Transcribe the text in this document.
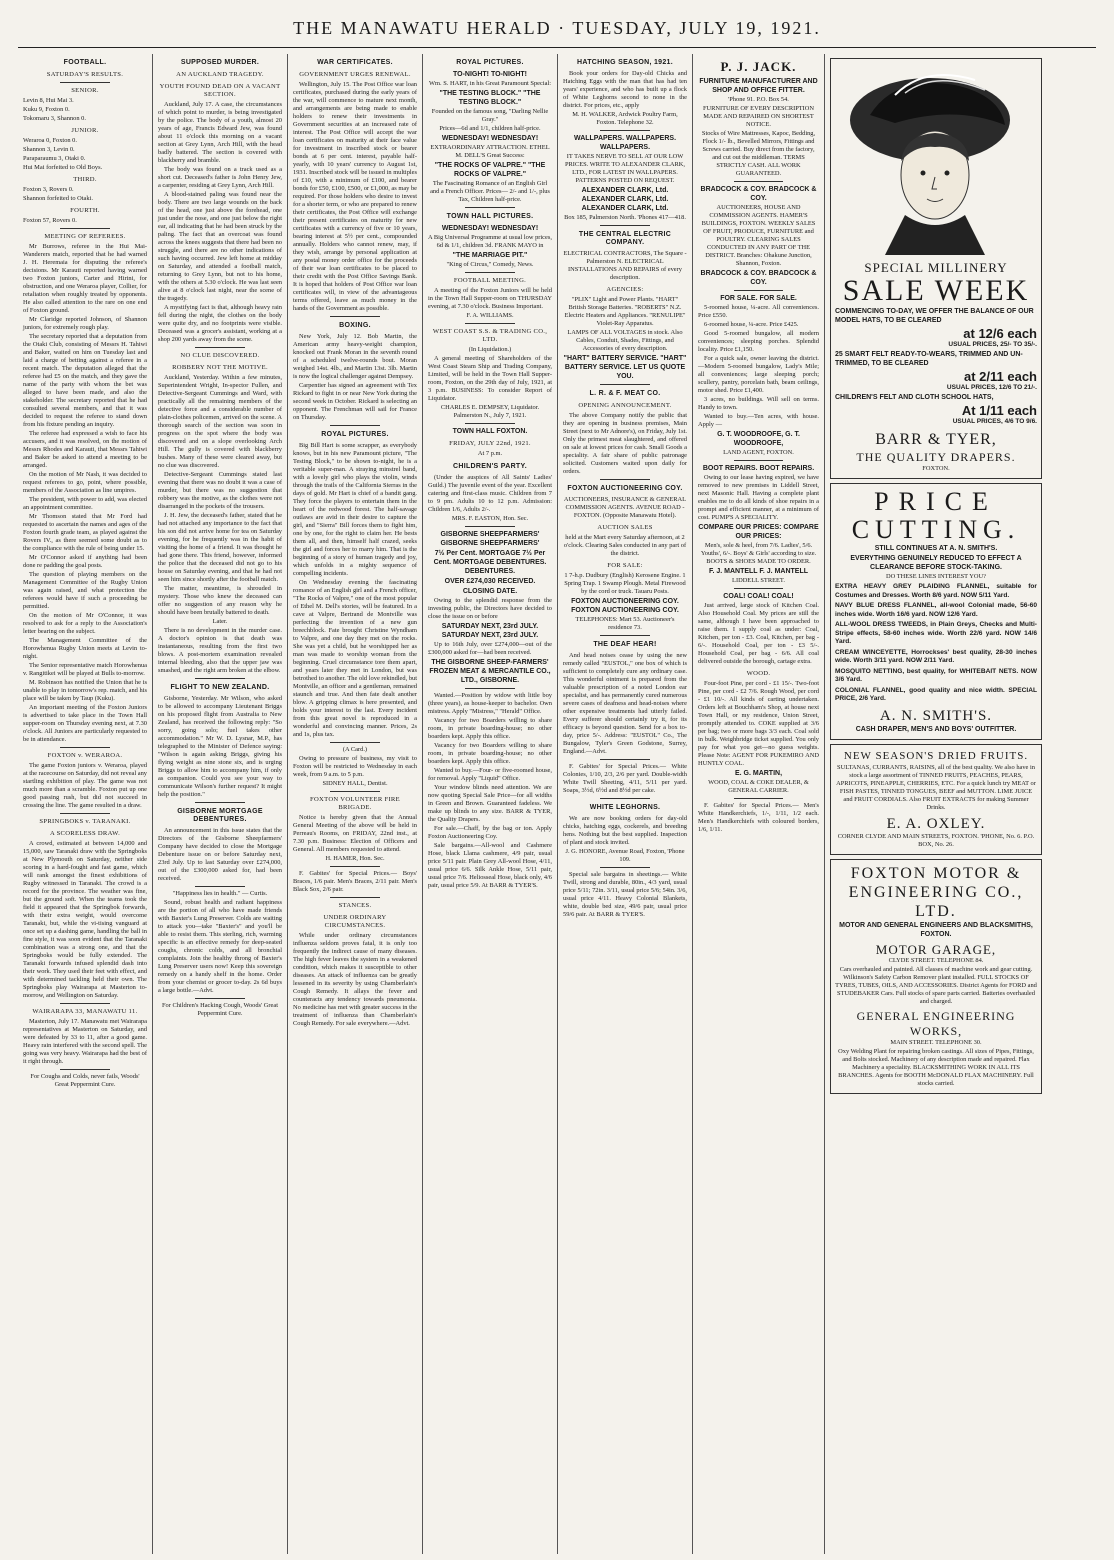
THE MANAWATU HERALD · TUESDAY, JULY 19, 1921.
FOOTBALL.
SATURDAY'S RESULTS.
SENIOR.

Levin 8, Hui Mai 3.

Kuku 9, Foxton 0.

Tokomaru 3, Shannon 0.

JUNIOR.

Weraroa 0, Foxton 0.

Shannon 3, Levin 0.

Paraparaumu 3, Otaki 0.

Hui Mai forfeited to Old Boys.

THIRD.

Foxton 3, Rovers 0.

Shannon forfeited to Otaki.

FOURTH.

Foxton 57, Rovers 0.

MEETING OF REFEREES.

Mr Burrows, referee in the Hui Mai-Wanderers match, reported that he had warned J. H. Heremaia for disputing the referee's decisions. Mr Karauti reported having warned two Foxton juniors, Carter and Hirini, for obstruction, and one Weraroa player, Collier, for retaliation when roughly treated by opponents. He also called attention to the rare on one end of Foxton ground.

Mr Claridge reported Johnson, of Shannon juniors, for extremely rough play.

The secretary reported that a deputation from the Otaki Club, consisting of Messrs H. Tahiwi and Baker, waited on him on Tuesday last and laid a charge of betting against a referee in a recent match. The deputation alleged that the referee had £5 on the match, and they gave the name of the party with whom the bet was alleged to have been made, and also the stakeholder. The secretary reported that he had consulted several members, and that it was decided to request the referee to stand down from his fixture pending an inquiry.

The referee had expressed a wish to face his accusers, and it was resolved, on the motion of Messrs Rhodes and Karauti, that Messrs Tahiwi and Baker be asked to attend a meeting to be arranged.

On the motion of Mr Nash, it was decided to request referees to go, point, where possible, members of the Association as line umpires.

The president, with power to add, was elected an appointment committee.

Mr Thomson stated that Mr Ford had requested to ascertain the names and ages of the Foxton fourth grade team, as played against the Rovers IV., as there seemed some doubt as to the compliance with the rule of being under 15.

Mr O'Connor asked if anything had been done re padding the goal posts.

The question of playing members on the Management Committee of the Rugby Union was again raised, and what protection the referees would have if such a proceeding be permitted.

On the motion of Mr O'Connor, it was resolved to ask for a reply to the Association's letter bearing on the subject.

The Management Committee of the Horowhenua Rugby Union meets at Levin to-night.

The Senior representative match Horowhenua v. Rangitikei will be played at Bulls to-morrow.

M. Robinson has notified the Union that he is unable to play in tomorrow's rep. match, and his place will be taken by Taup (Kuku).

An important meeting of the Foxton Juniors is advertised to take place in the Town Hall supper-room on Thursday evening next, at 7.30 o'clock. All Juniors are particularly requested to be in attendance.

FOXTON v. WERAROA.

The game Foxton juniors v. Weraroa, played at the racecourse on Saturday, did not reveal any startling exhibition of play. The game was not much more than a scramble. Foxton put up one good passing rush, but did not succeed in crossing the line. The game resulted in a draw.

SPRINGBOKS v. TARANAKI.
A SCORELESS DRAW.

A crowd, estimated at between 14,000 and 15,000, saw Taranaki draw with the Springboks at New Plymouth on Saturday, neither side scoring in a hard-fought and fast game, which will rank amongst the finest exhibitions of Rugby witnessed in Taranaki. The crowd is a record for the province. The weather was fine, but the ground soft. When the teams took the field it appeared that the Springbok forwards, with their extra weight, would overcome Taranaki, but, while the vi-tising vanguard at once set up a dashing game, handling the ball in fine style, it was soon evident that the Taranaki combination was a strong one, and that the Springboks would be fully extended. The Taranaki forwards infused splendid dash into their work. They used their feet with effect, and with determined tackling held their own. The Springboks play Wairarapa at Masterton to-morrow, and Wellington on Saturday.

WAIRARAPA 33, MANAWATU 11.

Masterton, July 17. Manawatu met Wairarapa representatives at Masterton on Saturday, and were defeated by 33 to 11, after a good game. Heavy rain interfered with the second spell. The going was very heavy. Wairarapa had the best of it right through.

For Coughs and Colds, never fails, Woods' Great Peppermint Cure.

SUPPOSED MURDER.
AN AUCKLAND TRAGEDY.
YOUTH FOUND DEAD ON A VACANT SECTION.

Auckland, July 17. A case, the circumstances of which point to murder, is being investigated by the police. The body of a youth, almost 20 years of age, Francis Edward Jew, was found about 11 o'clock this morning on a vacant section at Grey Lynn, Arch Hill, with the head badly battered. The section is covered with blackberry and bramble.

The body was found on a track used as a short cut. Deceased's father is John Henry Jew, a carpenter, residing at Grey Lynn, Arch Hill.

A blood-stained paling was found near the body. There are two large wounds on the back of the head, one just above the forehead, one just under the nose, and one just below the right ear, all indicating that he had been struck by the paling. The fact that an overcoat was found across the knees suggests that there had been no struggle, and there are no other indications of such having occurred. Jew left home at midday on Saturday, and attended a football match, returning to Grey Lynn, but not to his home, with the others at 5.30 o'clock. He was last seen alive at 8 o'clock last night, near the scene of the tragedy.

A mystifying fact is that, although heavy rain fell during the night, the clothes on the body were quite dry, and no footprints were visible. Deceased was a grocer's assistant, working at a shop 200 yards away from the scene.

NO CLUE DISCOVERED.
ROBBERY NOT THE MOTIVE.

Auckland, Yesterday. Within a few minutes, Superintendent Wright, In-spector Fullen, and Detective-Sergeant Cummings and Ward, with practically all the remaining members of the detective force and a considerable number of plain-clothes policemen, arrived on the scene. A thorough search of the section was soon in progress on the spot where the body was discovered and on a slope overlooking Arch Hill. The gully is covered with blackberry bushes. Many of these were cleared away, but no clue was discovered.

Detective-Sergeant Cummings stated last evening that there was no doubt it was a case of murder, but there was no suggestion that robbery was the motive, as the clothes were not disarranged in the pockets of the trousers.

J. H. Jew, the deceased's father, stated that he had not attached any importance to the fact that his son did not arrive home for tea on Saturday evening, for he frequently was in the habit of visiting the home of a friend. It was thought he had gone there. This friend, however, informed the police that the deceased did not go to his house on Saturday evening, and that he had not seen him since shortly after the football match.

The matter, meantime, is shrouded in mystery. Those who knew the deceased can offer no suggestion of any reason why he should have been brutally battered to death.

Later.

There is no development in the murder case. A doctor's opinion is that death was instantaneous, resulting from the first two blows. A post-mortem examination revealed internal bleeding, also that the upper jaw was smashed, and the right arm broken at the elbow.

FLIGHT TO NEW ZEALAND.

Gisborne, Yesterday. Mr Wilson, who asked to be allowed to accompany Lieutenant Briggs on his proposed flight from Australia to New Zealand, has received the following reply: "So sorry, going solo; fuel takes other accommodation." Mr W. D. Lysnar, M.P., has telegraphed to the Minister of Defence saying: "Wilson is again asking Briggs, giving his flying weight as nine stone six, and is urging Briggs to allow him to accompany him, if only as companion. Could you see your way to communicate Wilson's further request? It might help the position."

GISBORNE MORTGAGE DEBENTURES.

An announcement in this issue states that the Directors of the Gisborne Sheepfarmers' Company have decided to close the Mortgage Debenture issue on or before Saturday next, 23rd July. Up to last Saturday over £274,000, out of the £300,000 asked for, had been received.

"Happiness lies in health." — Curtis.

Sound, robust health and radiant happiness are the portion of all who have made friends with Baxter's Lung Preserver. Colds are waiting to attack you—take "Baxter's" and you'll be able to resist them. This sterling, rich, warming specific is an effective remedy for deep-seated coughs, chronic colds, and all bronchial complaints. Join the healthy throng of Baxter's Lung Preserver users now! Keep this sovereign remedy on a handy shelf in the home. Order from your chemist or grocer to-day. 2s 6d buys a large bottle.—Advt.

For Children's Hacking Cough, Woods' Great Peppermint Cure.

WAR CERTIFICATES.
GOVERNMENT URGES RENEWAL.

Wellington, July 15. The Post Office war loan certificates, purchased during the early years of the war, will commence to mature next month, and arrangements are being made to enable holders to renew their investments in Government securities at an increased rate of interest. The Post Office will accept the war loan certificates on maturity at their face value for investment in inscribed stock or bearer bonds at 6 per cent. interest, payable half-yearly, with 10 years' currency to August 1st, 1931. Inscribed stock will be issued in multiples of £10, with a minimum of £100, and bearer bonds for £50, £100, £500, or £1,000, as may be required. For those holders who desire to invest for a shorter term, or who are prepared to renew their certificates, the Post Office will exchange their present certificates on maturity for new certificates with a currency of five or 10 years, bearing interest at 5½ per cent., compounded annually. Holders who cannot renew, may, if they wish, arrange by personal application at any postal money order office for the proceeds of their war loan certificates to be placed to their credit with the Post Office Savings Bank. It is hoped that holders of Post Office war loan certificates will, in view of the advantageous terms offered, leave as much money in the hands of the Government as possible.

BOXING.

New York, July 12. Bob Martin, the American army heavy-weight champion, knocked out Frank Moran in the seventh round of a scheduled twelve-rounds bout. Moran weighed 14st. 4lb., and Martin 13st. 3lb. Martin is now the logical challenger against Dempsey.

Carpentier has signed an agreement with Tex Rickard to fight in or near New York during the second week in October. Rickard is selecting an opponent. The Frenchman will sail for France on Thursday.

ROYAL PICTURES.

Big Bill Hart is some scrapper, as everybody knows, but in his new Paramount picture, "The Testing Block," to be shown to-night, he is a veritable super-man. A straying minstrel band, with a lovely girl who plays the violin, winds through the trails of the California Sierras in the days of gold. Mr Hart is chief of a bandit gang. They force the players to entertain them in the heart of the redwood forest. The half-savage outlaws are avid in their desire to capture the girl, and "Sierra" Bill forces them to fight him, one by one, for the right to claim her. He bests them all, and then, himself half crazed, seeks the girl and forces her to marry him. That is the beginning of a story of human tragedy and joy, which unfolds in a mighty sequence of compelling incidents.

On Wednesday evening the fascinating romance of an English girl and a French officer, "The Rocks of Valpre," one of the most popular of Ethel M. Dell's stories, will be featured. In a cave at Valpre, Bertrand de Montville was perfecting the invention of a new gun breechblock. Fate brought Christine Wyndham to Valpre, and one day they met on the rocks. She was yet a child, but he worshipped her as man was made to worship woman from the beginning. Cruel circumstance tore them apart, and years later they met in London, but was betrothed to another. The old love rekindled, but Montville, an officer and a gentleman, remained staunch and true. And then fate dealt another blow. A gripping climax is here presented, and holds your interest to the last. Every incident from this great novel is reproduced in a wonderful and convincing manner. Prices, 2s and 1s, plus tax.

(A Card.)

Owing to pressure of business, my visit to Foxton will be restricted to Wednesday in each week, from 9 a.m. to 5 p.m.

SIDNEY HALL, Dentist.

FOXTON VOLUNTEER FIRE BRIGADE.

Notice is hereby given that the Annual General Meeting of the above will be held in Perreau's Rooms, on FRIDAY, 22nd inst., at 7.30 p.m. Business: Election of Officers and General. All members requested to attend.

H. HAMER, Hon. Sec.

F. Gabites' for Special Prices.— Boys' Braces, 1/6 pair. Men's Braces, 2/11 pair. Men's Black Sox, 2/6 pair.

STANCES.
UNDER ORDINARY CIRCUMSTANCES.

While under ordinary circumstances influenza seldom proves fatal, it is only too frequently the indirect cause of many diseases. The high fever leaves the system in a weakened condition, which makes it susceptible to other diseases. An attack of influenza can be greatly lessened in its severity by using Chamberlain's Cough Remedy. It allays the fever and counteracts any tendency towards pneumonia. No medicine has met with greater success in the treatment of influenza than Chamberlain's Cough Remedy. For sale everywhere.—Advt.

ROYAL PICTURES.

TO-NIGHT! TO-NIGHT!

Wm. S. HART, in his Great Paramount Special:

"THE TESTING BLOCK." "THE TESTING BLOCK."

Founded on the famous song, "Darling Nellie Gray."

Prices—6d and 1/1, children half-price.

WEDNESDAY! WEDNESDAY!

EXTRAORDINARY ATTRACTION. ETHEL M. DELL'S Great Success:

"THE ROCKS OF VALPRE." "THE ROCKS OF VALPRE."

The Fascinating Romance of an English Girl and a French Officer. Prices— 2/- and 1/-, plus Tax, Children half-price.

TOWN HALL PICTURES.

WEDNESDAY! WEDNESDAY!

A Big Universal Programme at usual low prices, 6d & 1/1, children 3d. FRANK MAYO in

"THE MARRIAGE PIT."

"King of Circus," Comedy, News.

FOOTBALL MEETING.

A meeting of the Foxton Juniors will be held in the Town Hall Supper-room on THURSDAY evening, at 7.30 o'clock. Business Important.

F. A. WILLIAMS.

WEST COAST S.S. & TRADING CO., LTD.

(In Liquidation.)

A general meeting of Shareholders of the West Coast Steam Ship and Trading Company, Limited, will be held in the Town Hall Supper-room, Foxton, on the 29th day of July, 1921, at 3 p.m. BUSINESS: To consider Report of Liquidator.

CHARLES E. DEMPSEY, Liquidator. Palmerston N., July 7, 1921.

TOWN HALL FOXTON.

FRIDAY, JULY 22nd, 1921.

At 7 p.m.

CHILDREN'S PARTY.

(Under the auspices of All Saints' Ladies' Guild.) The juvenile event of the year. Excellent catering and first-class music. Children from 7 to 9 pm. Adults 10 to 12 p.m. Admission: Children 1/6, Adults 2/-.

MRS. F. EASTON, Hon. Sec.

GISBORNE SHEEPFARMERS' GISBORNE SHEEPFARMERS'

7½ Per Cent. MORTGAGE 7½ Per Cent. MORTGAGE DEBENTURES. DEBENTURES.

OVER £274,030 RECEIVED.

CLOSING DATE.

Owing to the splendid response from the investing public, the Directors have decided to close the issue on or before

SATURDAY NEXT, 23rd JULY. SATURDAY NEXT, 23rd JULY.

Up to 16th July, over £274,000—out of the £300,000 asked for—had been received.

THE GISBORNE SHEEP-FARMERS' FROZEN MEAT & MERCANTILE CO., LTD., GISBORNE.

Wanted.—Position by widow with little boy (three years), as house-keeper to bachelor. Own mistress. Apply "Mistress," "Herald" Office.

Vacancy for two Boarders willing to share room, in private boarding-house; no other boarders kept. Apply this office.

Vacancy for two Boarders willing to share room, in private boarding-house; no other boarders kept. Apply this office.

Wanted to buy.—Four- or five-roomed house, for removal. Apply "Liquid" Office.

Your window blinds need attention. We are now quoting Special Sale Price—for all widths in Green and Brown. Guaranteed fadeless. We make up blinds to any size. BARR & TYER, the Quality Drapers.

For sale.—Chaff, by the bag or ton. Apply Foxton Auctioneering Coy.

Sale bargains.—All-wool and Cashmere Hose, black Llama cashmere, 4/9 pair, usual price 5/11 pair. Plain Grey All-wool Hose, 4/11, usual price 6/6. Silk Ankle Hose, 5/11 pair, usual price 7/6. Heliosseal Hose, black only, 4/6 pair, usual price 5/9. At BARR & TYER'S.

HATCHING SEASON, 1921.

Book your orders for Day-old Chicks and Hatching Eggs with the man that has had ten years' experience, and who has built up a flock of White Leghorns second to none in the district. For prices, etc., apply

M. H. WALKER, Ardwick Poultry Farm, Foxton. Telephone 32.

WALLPAPERS. WALLPAPERS. WALLPAPERS.

IT TAKES NERVE TO SELL AT OUR LOW PRICES. WRITE TO ALEXANDER CLARK, LTD., FOR LATEST IN WALLPAPERS. PATTERNS POSTED ON REQUEST.

ALEXANDER CLARK, Ltd. ALEXANDER CLARK, Ltd. ALEXANDER CLARK, Ltd.

Box 185, Palmerston North. 'Phones 417—418.

THE CENTRAL ELECTRIC COMPANY.

ELECTRICAL CONTRACTORS, The Square - Palmerston N. ELECTRICAL INSTALLATIONS AND REPAIRS of every description.

AGENCIES:

"PLIX" Light and Power Plants. "HART" British Storage Batteries. "ROBERTS" N.Z. Electric Heaters and Appliances. "RENULIPE" Violet-Ray Apparatus.

LAMPS OF ALL VOLTAGES in stock. Also Cables, Conduit, Shades, Fittings, and Accessories of every description.

"HART" BATTERY SERVICE. "HART" BATTERY SERVICE. LET US QUOTE YOU.

L. R. & F. MEAT CO.
OPENING ANNOUNCEMENT.

The above Company notify the public that they are opening in business premises, Main Street (next to Mr Adnore's), on Friday, July 1st. Only the primest meat slaughtered, and offered on sale at lowest prices for cash. Small Goods a speciality. A fair share of public patronage solicited. Customers waited upon daily for orders.

FOXTON AUCTIONEERING COY.

AUCTIONEERS, INSURANCE & GENERAL COMMISSION AGENTS. AVENUE ROAD - FOXTON. (Opposite Manawatu Hotel).

AUCTION SALES

held at the Mart every Saturday afternoon, at 2 o'clock. Clearing Sales conducted in any part of the district.

FOR SALE:

1 7-h.p. Dudbury (English) Kerosene Engine. 1 Spring Trap. 1 Swamp Plough. Metal Firewood by the cord or truck. Tauaru Posts.

FOXTON AUCTIONEERING COY. FOXTON AUCTIONEERING COY.

TELEPHONES: Mart 53. Auctioneer's residence 73.

THE DEAF HEAR!

And head noises cease by using the new remedy called "EUSTOL," one box of which is sufficient to completely cure any ordinary case. This wonderful ointment is prepared from the valuable prescription of a noted London ear specialist, and has permanently cured numerous severe cases of deafness and head-noises where other expensive treatments had utterly failed. Every sufferer should certainly try it, for its efficacy is beyond question. Send for a box to-day, price 5/-. Address: "EUSTOL" Co., The Bungalow, Tyler's Green Godstone, Surrey, England.—Advt.

F. Gabites' for Special Prices.— White Colonies, 1/10, 2/3, 2/6 per yard. Double-width White Twill Sheeting, 4/11, 5/11 per yard. Soaps, 3½d, 6½d and 8½d per cake.

WHITE LEGHORNS.

We are now booking orders for day-old chicks, hatching eggs, cockerels, and breeding hens. Nothing but the best supplied. Inspection of plant and stock invited.

J. G. HONORE, Avenue Road, Foxton, 'Phone 109.

Special sale bargains in sheetings.— White Twill, strong and durable, 80in., 4/3 yard, usual price 5/11; 72in. 3/11, usual price 5/6; 54in. 3/6, usual price 4/11. Heavy Colonial Blankets, white, double bed size, 49/6 pair, usual price 59/6 pair. At BARR & TYER'S.

P. J. JACK.

FURNITURE MANUFACTURER AND SHOP AND OFFICE FITTER.

'Phone 91. P.O. Box 54.

FURNITURE OF EVERY DESCRIPTION MADE AND REPAIRED ON SHORTEST NOTICE.

Stocks of Wire Mattresses, Kapoc, Bedding, Flock 1/- lb., Bevelled Mirrors, Fittings and Screws carried. Buy direct from the factory, and cut out the middleman. TERMS STRICTLY CASH. ALL WORK GUARANTEED.

BRADCOCK & COY. BRADCOCK & COY.

AUCTIONEERS, HOUSE AND COMMISSION AGENTS. HAMER'S BUILDINGS, FOXTON. WEEKLY SALES OF FRUIT, PRODUCE, FURNITURE and POULTRY. CLEARING SALES CONDUCTED IN ANY PART OF THE DISTRICT. Branches: Ohakune Junction, Shannon, Foxton.

BRADCOCK & COY. BRADCOCK & COY.

FOR SALE. FOR SALE.

5-roomed house, ¼-acre. All conveniences. Price £550.

6-roomed house, ¼-acre. Price £425.

Good 5-roomed bungalow, all modern conveniences; sleeping porches. Splendid locality. Price £1,150.

For a quick sale, owner leaving the district.—Modern 5-roomed bungalow, Lady's Mile; all conveniences; large sleeping porch; scullery, pantry, porcelain bath, beam ceilings, motor shed. Price £1,400.

3 acres, no buildings. Will sell on terms. Handy to town.

Wanted to buy.—Ten acres, with house. Apply —

G. T. WOODROOFE, G. T. WOODROOFE,

LAND AGENT, FOXTON.

BOOT REPAIRS. BOOT REPAIRS.

Owing to our lease having expired, we have removed to new premises in Liddell Street, next Masonic Hall. Having a complete plant enables me to do all kinds of shoe repairs in a prompt and efficient manner, at a minimum of cost. PUMP'S A SPECIALITY.

COMPARE OUR PRICES: COMPARE OUR PRICES:

Men's, sole & heel, from 7/6. Ladies', 5/6. Youths', 6/-. Boys' & Girls' according to size. BOOTS & SHOES MADE TO ORDER.

F. J. MANTELL F. J. MANTELL

LIDDELL STREET.

COAL! COAL! COAL!

Just arrived, large stock of Kitchen Coal. Also Household Coal. My prices are still the same, although I have been approached to raise them. I supply coal as under: Coal, Kitchen, per ton - £3. Coal, Kitchen, per bag - 6/-. Household Coal, per ton - £3 5/-. Household Coal, per bag - 6/6. All coal delivered outside the borough, cartage extra.

WOOD.

Four-foot Pine, per cord - £1 15/-. Two-foot Pine, per cord - £2 7/6. Rough Wood, per cord - £1 10/-. All kinds of carting undertaken. Orders left at Bouchham's Shop, at house next Town Hall, or my residence, Union Street, promptly attended to. COKE supplied at 3/6 per bag; two or more bags 3/3 each. Coal sold in bulk. Weighbridge ticket supplied. You only pay for what you get—no guess weights. Please Note: AGENT FOR PUKEMIRO AND HUNTLY COAL.

E. G. MARTIN,

WOOD, COAL & COKE DEALER, & GENERAL CARRIER.

F. Gabites' for Special Prices.— Men's White Handkerchiefs, 1/-, 1/11, 1/2 each. Men's Handkerchiefs with coloured borders, 1/6, 1/11.

SPECIAL MILLINERY
SALE WEEK

COMMENCING TO-DAY, WE OFFER THE BALANCE OF OUR MODEL HATS, TO BE CLEARED

at 12/6 each

USUAL PRICES, 25/- TO 35/-.

25 SMART FELT READY-TO-WEARS, TRIMMED AND UN-TRIMMED, TO BE CLEARED

at 2/11 each

USUAL PRICES, 12/6 TO 21/-.

CHILDREN'S FELT AND CLOTH SCHOOL HATS,

At 1/11 each

USUAL PRICES, 4/6 TO 9/6.

BARR & TYER,
THE QUALITY DRAPERS.

FOXTON.

PRICE
CUTTING.

STILL CONTINUES AT A. N. SMITH'S.

EVERYTHING GENUINELY REDUCED TO EFFECT A CLEARANCE BEFORE STOCK-TAKING.

DO THESE LINES INTEREST YOU?

EXTRA HEAVY GREY PLAIDING FLANNEL, suitable for Costumes and Dresses. Worth 8/6 yard. NOW 5/11 Yard.

NAVY BLUE DRESS FLANNEL, all-wool Colonial made, 56-60 inches wide. Worth 16/6 yard. NOW 12/6 Yard.

ALL-WOOL DRESS TWEEDS, in Plain Greys, Checks and Multi-Stripe effects, 58-60 inches wide. Worth 22/6 yard. NOW 14/6 Yard.

CREAM WINCEYETTE, Horrockses' best quality, 28-30 inches wide. Worth 3/11 yard. NOW 2/11 Yard.

MOSQUITO NETTING, best quality, for WHITEBAIT NETS. NOW 3/6 Yard.

COLONIAL FLANNEL, good quality and nice width. SPECIAL PRICE, 2/6 Yard.

A. N. SMITH'S.

CASH DRAPER, MEN'S AND BOYS' OUTFITTER.

NEW SEASON'S DRIED FRUITS.

SULTANAS, CURRANTS, RAISINS, all of the best quality. We also have in stock a large assortment of TINNED FRUITS, PEACHES, PEARS, APRICOTS, PINEAPPLE, CHERRIES, ETC. For a quick lunch try MEAT or FISH PASTES, TINNED TONGUES, BEEF and MUTTON. LIME JUICE and FRUIT CORDIALS. Also FRUIT EXTRACTS for making Summer Drinks.

E. A. OXLEY.

CORNER CLYDE AND MAIN STREETS, FOXTON. 'PHONE, No. 6. P.O. BOX, No. 26.

FOXTON MOTOR & ENGINEERING CO., LTD.

MOTOR AND GENERAL ENGINEERS AND BLACKSMITHS, FOXTON.

MOTOR GARAGE,

CLYDE STREET. TELEPHONE 84.

Cars overhauled and painted. All classes of machine work and gear cutting. Wilkinson's Safety Carbon Remover plant installed. FULL STOCKS OF TYRES, TUBES, OILS, AND ACCESSORIES. District Agents for FORD and STUDEBAKER Cars. Full stocks of spare parts carried. Batteries overhauled and charged.

GENERAL ENGINEERING WORKS,

MAIN STREET. TELEPHONE 30.

Oxy Welding Plant for repairing broken castings. All sizes of Pipes, Fittings, and Bolts stocked. Machinery of any description made and repaired. Flax Machinery a speciality. BLACKSMITHING WORK IN ALL ITS BRANCHES. Agents for BOOTH McDONALD FLAX MACHINERY. Full stocks carried.
